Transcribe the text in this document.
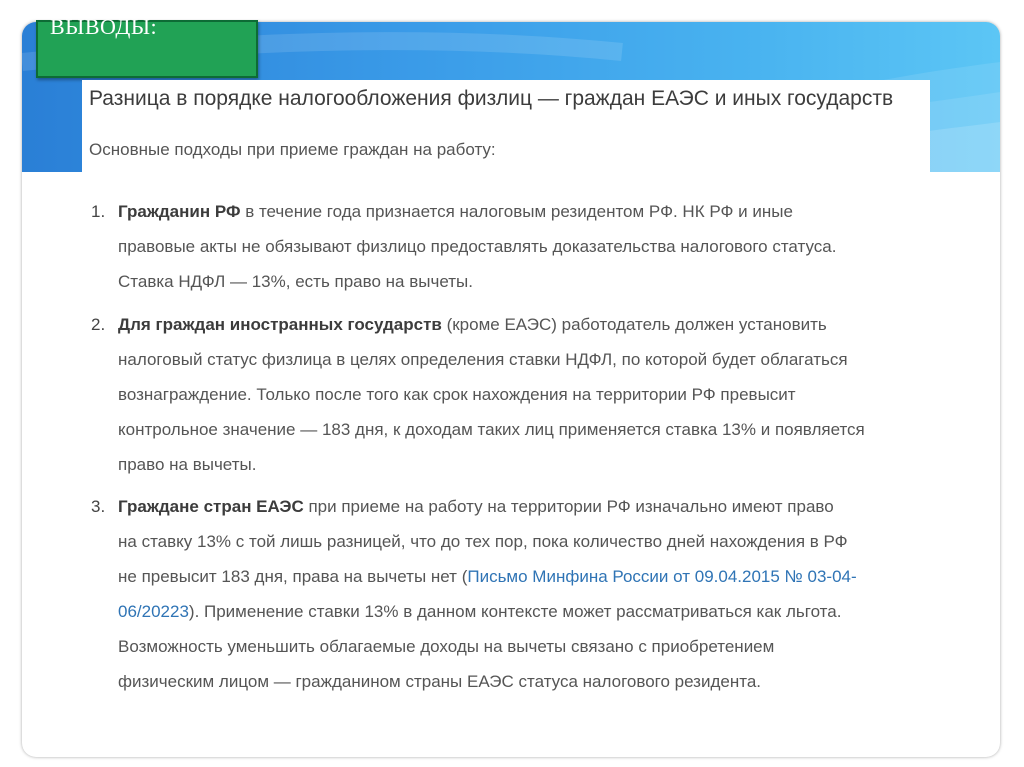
ВЫВОДЫ:
Разница в порядке налогообложения физлиц — граждан ЕАЭС и иных государств
Основные подходы при приеме граждан на работу:
1. Гражданин РФ в течение года признается налоговым резидентом РФ. НК РФ и иные
правовые акты не обязывают физлицо предоставлять доказательства налогового статуса.
Ставка НДФЛ — 13%, есть право на вычеты.
2. Для граждан иностранных государств (кроме ЕАЭС) работодатель должен установить
налоговый статус физлица в целях определения ставки НДФЛ, по которой будет облагаться
вознаграждение. Только после того как срок нахождения на территории РФ превысит
контрольное значение — 183 дня, к доходам таких лиц применяется ставка 13% и появляется
право на вычеты.
3. Граждане стран ЕАЭС при приеме на работу на территории РФ изначально имеют право
на ставку 13% с той лишь разницей, что до тех пор, пока количество дней нахождения в РФ
не превысит 183 дня, права на вычеты нет (Письмо Минфина России от 09.04.2015 № 03-04-
06/20223). Применение ставки 13% в данном контексте может рассматриваться как льгота.
Возможность уменьшить облагаемые доходы на вычеты связано с приобретением
физическим лицом — гражданином страны ЕАЭС статуса налогового резидента.
